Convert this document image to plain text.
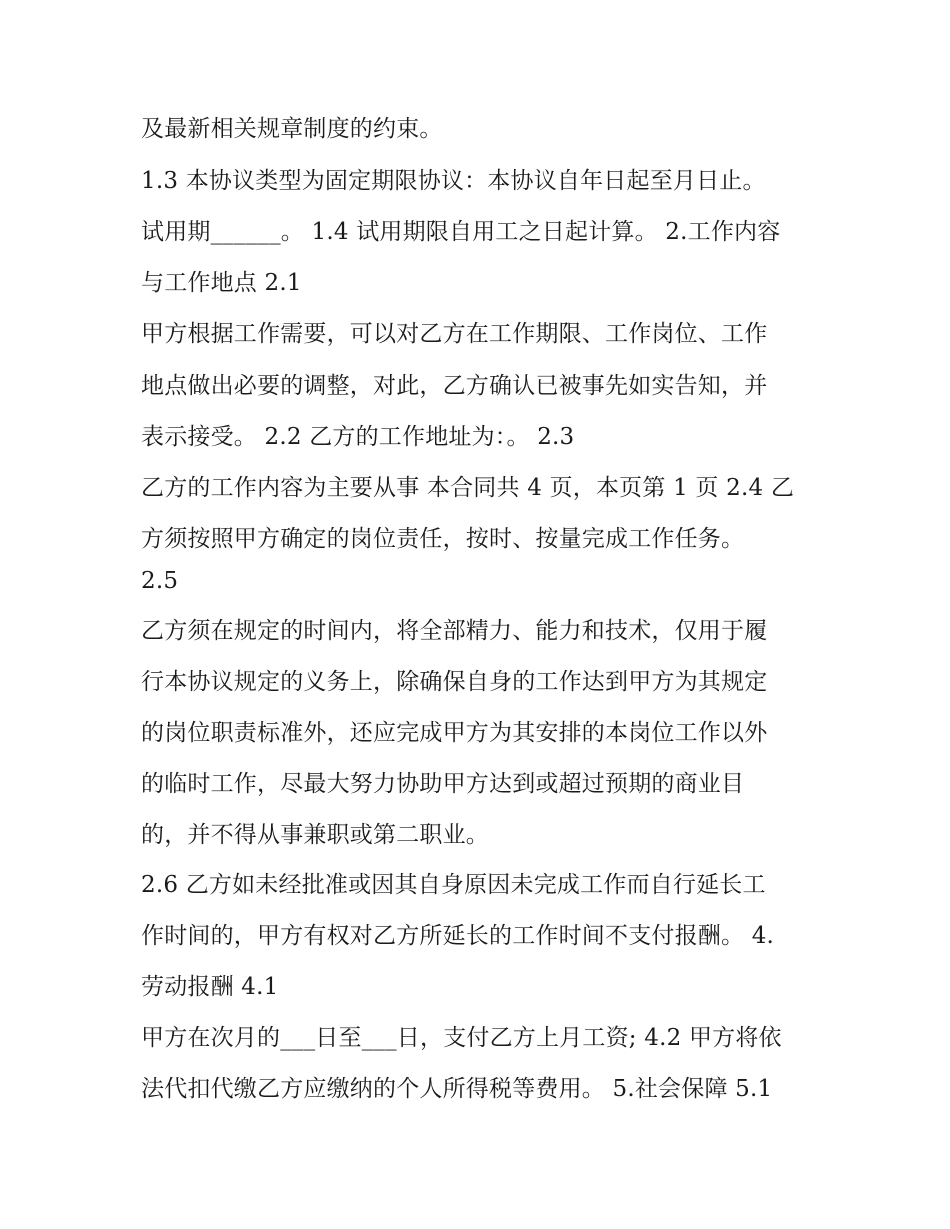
及最新相关规章制度的约束。
1.3 本协议类型为固定期限协议：本协议自年日起至月日止。
试用期______。 1.4 试用期限自用工之日起计算。 2.工作内容
与工作地点 2.1
甲方根据工作需要，可以对乙方在工作期限、工作岗位、工作
地点做出必要的调整，对此，乙方确认已被事先如实告知，并
表示接受。 2.2 乙方的工作地址为：。 2.3
乙方的工作内容为主要从事 本合同共 4 页，本页第 1 页 2.4 乙
方须按照甲方确定的岗位责任，按时、按量完成工作任务。
2.5
乙方须在规定的时间内，将全部精力、能力和技术，仅用于履
行本协议规定的义务上，除确保自身的工作达到甲方为其规定
的岗位职责标准外，还应完成甲方为其安排的本岗位工作以外
的临时工作，尽最大努力协助甲方达到或超过预期的商业目
的，并不得从事兼职或第二职业。
2.6 乙方如未经批准或因其自身原因未完成工作而自行延长工
作时间的，甲方有权对乙方所延长的工作时间不支付报酬。 4.
劳动报酬 4.1
甲方在次月的___日至___日，支付乙方上月工资; 4.2 甲方将依
法代扣代缴乙方应缴纳的个人所得税等费用。 5.社会保障 5.1
